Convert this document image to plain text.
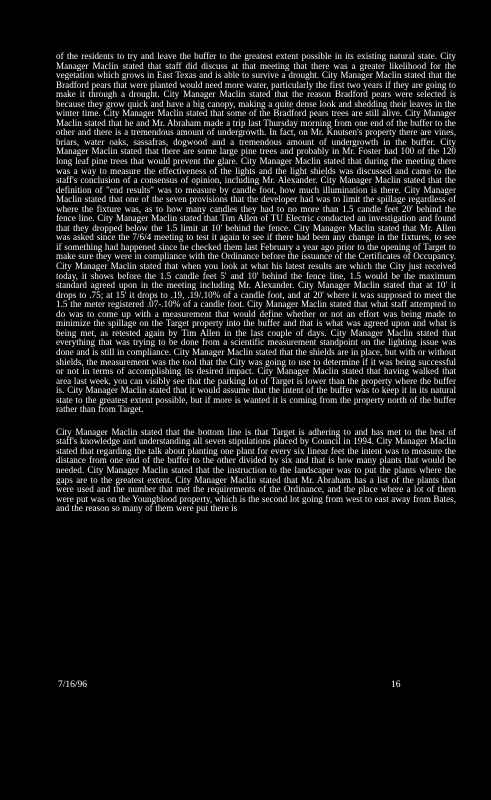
of the residents to try and leave the buffer to the greatest extent possible in its existing natural state. City Manager Maclin stated that staff did discuss at that meeting that there was a greater likelihood for the vegetation which grows in East Texas and is able to survive a drought. City Manager Maclin stated that the Bradford pears that were planted would need more water, particularly the first two years if they are going to make it through a drought. City Manager Maclin stated that the reason Bradford pears were selected is because they grow quick and have a big canopy, making a quite dense look and shedding their leaves in the winter time. City Manager Maclin stated that some of the Bradford pears trees are still alive. City Manager Maclin stated that he and Mr. Abraham made a trip last Thursday morning from one end of the buffer to the other and there is a tremendous amount of undergrowth. In fact, on Mr. Knutsen's property there are vines, briars, water oaks, sassafras, dogwood and a tremendous amount of undergrowth in the buffer. City Manager Maclin stated that there are some large pine trees and probably in Mr. Foster had 100 of the 120 long leaf pine trees that would prevent the glare. City Manager Maclin stated that during the meeting there was a way to measure the effectiveness of the lights and the light shields was discussed and came to the staff's conclusion of a consensus of opinion, including Mr. Alexander. City Manager Maclin stated that the definition of "end results" was to measure by candle foot, how much illumination is there. City Manager Maclin stated that one of the seven provisions that the developer had was to limit the spillage regardless of where the fixture was, as to how many candles they had to no more than 1.5 candle feet 20' behind the fence line. City Manager Maclin stated that Tim Allen of TU Electric conducted an investigation and found that they dropped below the 1.5 limit at 10' behind the fence. City Manager Maclin stated that Mr. Allen was asked since the 7/6/4 meeting to test it again to see if there had been any change in the fixtures, to see if something had happened since he checked them last February a year ago prior to the opening of Target to make sure they were in compliance with the Ordinance before the issuance of the Certificates of Occupancy. City Manager Maclin stated that when you look at what his latest results are which the City just received today, it shows before the 1.5 candle feet 5' and 10' behind the fence line, 1.5 would be the maximum standard agreed upon in the meeting including Mr. Alexander. City Manager Maclin stated that at 10' it drops to .75; at 15' it drops to .19, .19/.10% of a candle foot, and at 20' where it was supposed to meet the 1.5 the meter registered .07-.10% of a candle foot. City Manager Maclin stated that what staff attempted to do was to come up with a measurement that would define whether or not an effort was being made to minimize the spillage on the Target property into the buffer and that is what was agreed upon and what is being met, as retested again by Tim Allen in the last couple of days. City Manager Maclin stated that everything that was trying to be done from a scientific measurement standpoint on the lighting issue was done and is still in compliance. City Manager Maclin stated that the shields are in place, but with or without shields, the measurement was the tool that the City was going to use to determine if it was being successful or not in terms of accomplishing its desired impact. City Manager Maclin stated that having walked that area last week, you can visibly see that the parking lot of Target is lower than the property where the buffer is. City Manager Maclin stated that it would assume that the intent of the buffer was to keep it in its natural state to the greatest extent possible, but if more is wanted it is coming from the property north of the buffer rather than from Target.

City Manager Maclin stated that the bottom line is that Target is adhering to and has met to the best of staff's knowledge and understanding all seven stipulations placed by Council in 1994. City Manager Maclin stated that regarding the talk about planting one plant for every six linear feet the intent was to measure the distance from one end of the buffer to the other divided by six and that is how many plants that would be needed. City Manager Maclin stated that the instruction to the landscaper was to put the plants where the gaps are to the greatest extent. City Manager Maclin stated that Mr. Abraham has a list of the plants that were used and the number that met the requirements of the Ordinance, and the place where a lot of them were put was on the Youngblood property, which is the second lot going from west to east away from Bates, and the reason so many of them were put there is

7/16/96	16
